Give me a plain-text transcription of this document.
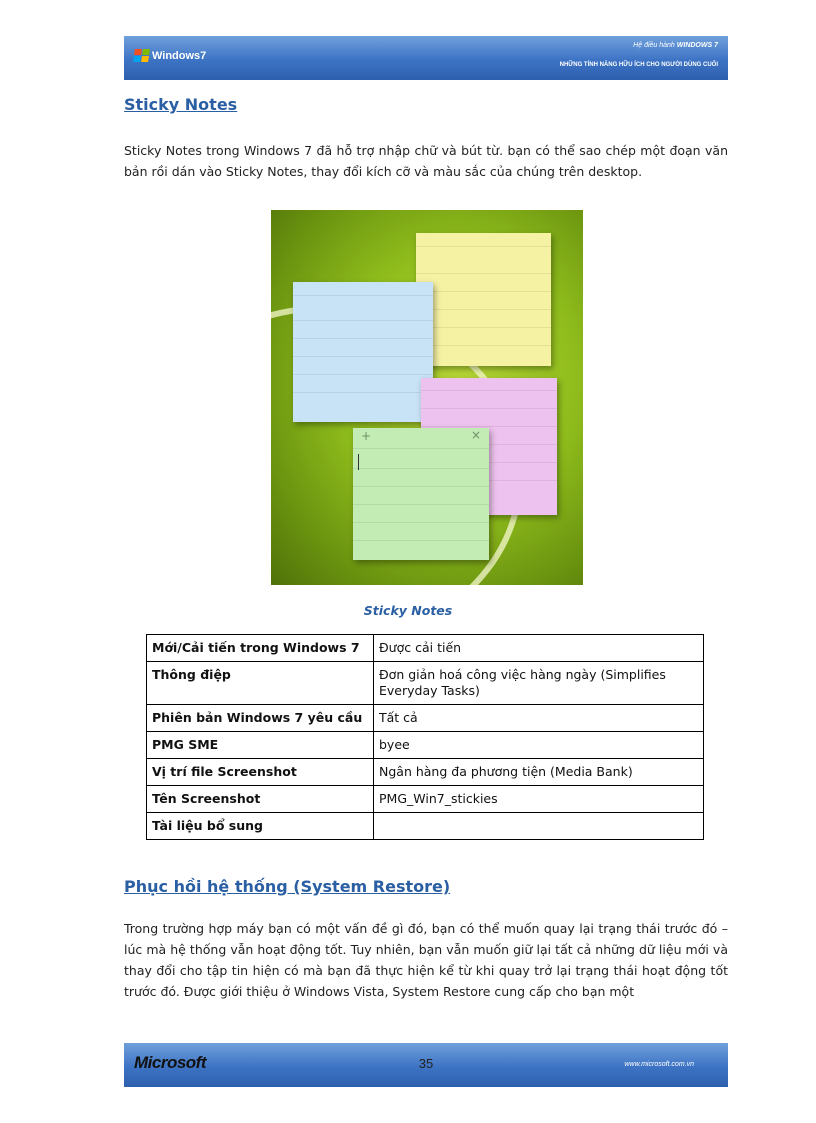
Windows7
Hệ điều hành WINDOWS 7
NHỮNG TÍNH NĂNG HỮU ÍCH CHO NGƯỜI DÙNG CUỐI
Sticky Notes

Sticky Notes trong Windows 7 đã hỗ trợ nhập chữ và bút từ. bạn có thể sao chép một đoạn văn bản rồi dán vào Sticky Notes, thay đổi kích cỡ và màu sắc của chúng trên desktop.

+	×
Sticky Notes
Mới/Cải tiến trong Windows 7	Được cải tiến
Thông điệp	Đơn giản hoá công việc hàng ngày (Simplifies Everyday Tasks)
Phiên bản Windows 7 yêu cầu	Tất cả
PMG SME	byee
Vị trí file Screenshot	Ngân hàng đa phương tiện (Media Bank)
Tên Screenshot	PMG_Win7_stickies
Tài liệu bổ sung	
Phục hồi hệ thống (System Restore)

Trong trường hợp máy bạn có một vấn đề gì đó, bạn có thể muốn quay lại trạng thái trước đó – lúc mà hệ thống vẫn hoạt động tốt. Tuy nhiên, bạn vẫn muốn giữ lại tất cả những dữ liệu mới và thay đổi cho tập tin hiện có mà bạn đã thực hiện kể từ khi quay trở lại trạng thái hoạt động tốt trước đó. Được giới thiệu ở Windows Vista, System Restore cung cấp cho bạn một

Microsoft	35	www.microsoft.com.vn
